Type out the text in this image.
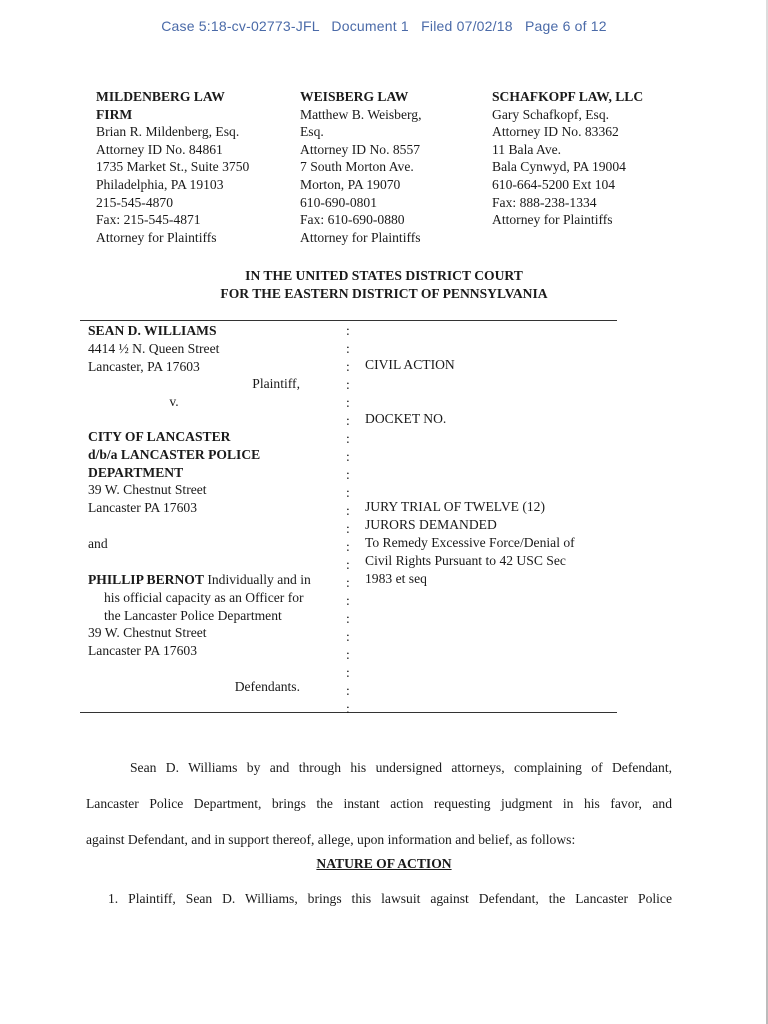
Case 5:18-cv-02773-JFL   Document 1   Filed 07/02/18   Page 6 of 12
MILDENBERG LAW
FIRM
Brian R. Mildenberg, Esq.
Attorney ID No. 84861
1735 Market St., Suite 3750
Philadelphia, PA 19103
215-545-4870
Fax: 215-545-4871
Attorney for Plaintiffs
WEISBERG LAW
Matthew B. Weisberg,
Esq.
Attorney ID No. 8557
7 South Morton Ave.
Morton, PA 19070
610-690-0801
Fax: 610-690-0880
Attorney for Plaintiffs
SCHAFKOPF LAW, LLC
Gary Schafkopf, Esq.
Attorney ID No. 83362
11 Bala Ave.
Bala Cynwyd, PA 19004
610-664-5200 Ext 104
Fax: 888-238-1334
Attorney for Plaintiffs
IN THE UNITED STATES DISTRICT COURT
FOR THE EASTERN DISTRICT OF PENNSYLVANIA
SEAN D. WILLIAMS
4414 ½ N. Queen Street
Lancaster, PA 17603
Plaintiff,
v.
CITY OF LANCASTER
d/b/a LANCASTER POLICE
DEPARTMENT
39 W. Chestnut Street
Lancaster PA 17603
and
PHILLIP BERNOT Individually and in
his official capacity as an Officer for
the Lancaster Police Department
39 W. Chestnut Street
Lancaster PA 17603
Defendants.
:
:
:
:
:
:
:
:
:
:
:
:
:
:
:
:
:
:
:
:
:
:
CIVIL ACTION
DOCKET NO.
JURY TRIAL OF TWELVE (12)
JURORS DEMANDED
To Remedy Excessive Force/Denial of
Civil Rights Pursuant to 42 USC Sec
1983 et seq

Sean D. Williams by and through his undersigned attorneys, complaining of Defendant,

Lancaster Police Department, brings the instant action requesting judgment in his favor, and

against Defendant, and in support thereof, allege, upon information and belief, as follows:

NATURE OF ACTION
1. Plaintiff, Sean D. Williams, brings this lawsuit against Defendant, the Lancaster Police
